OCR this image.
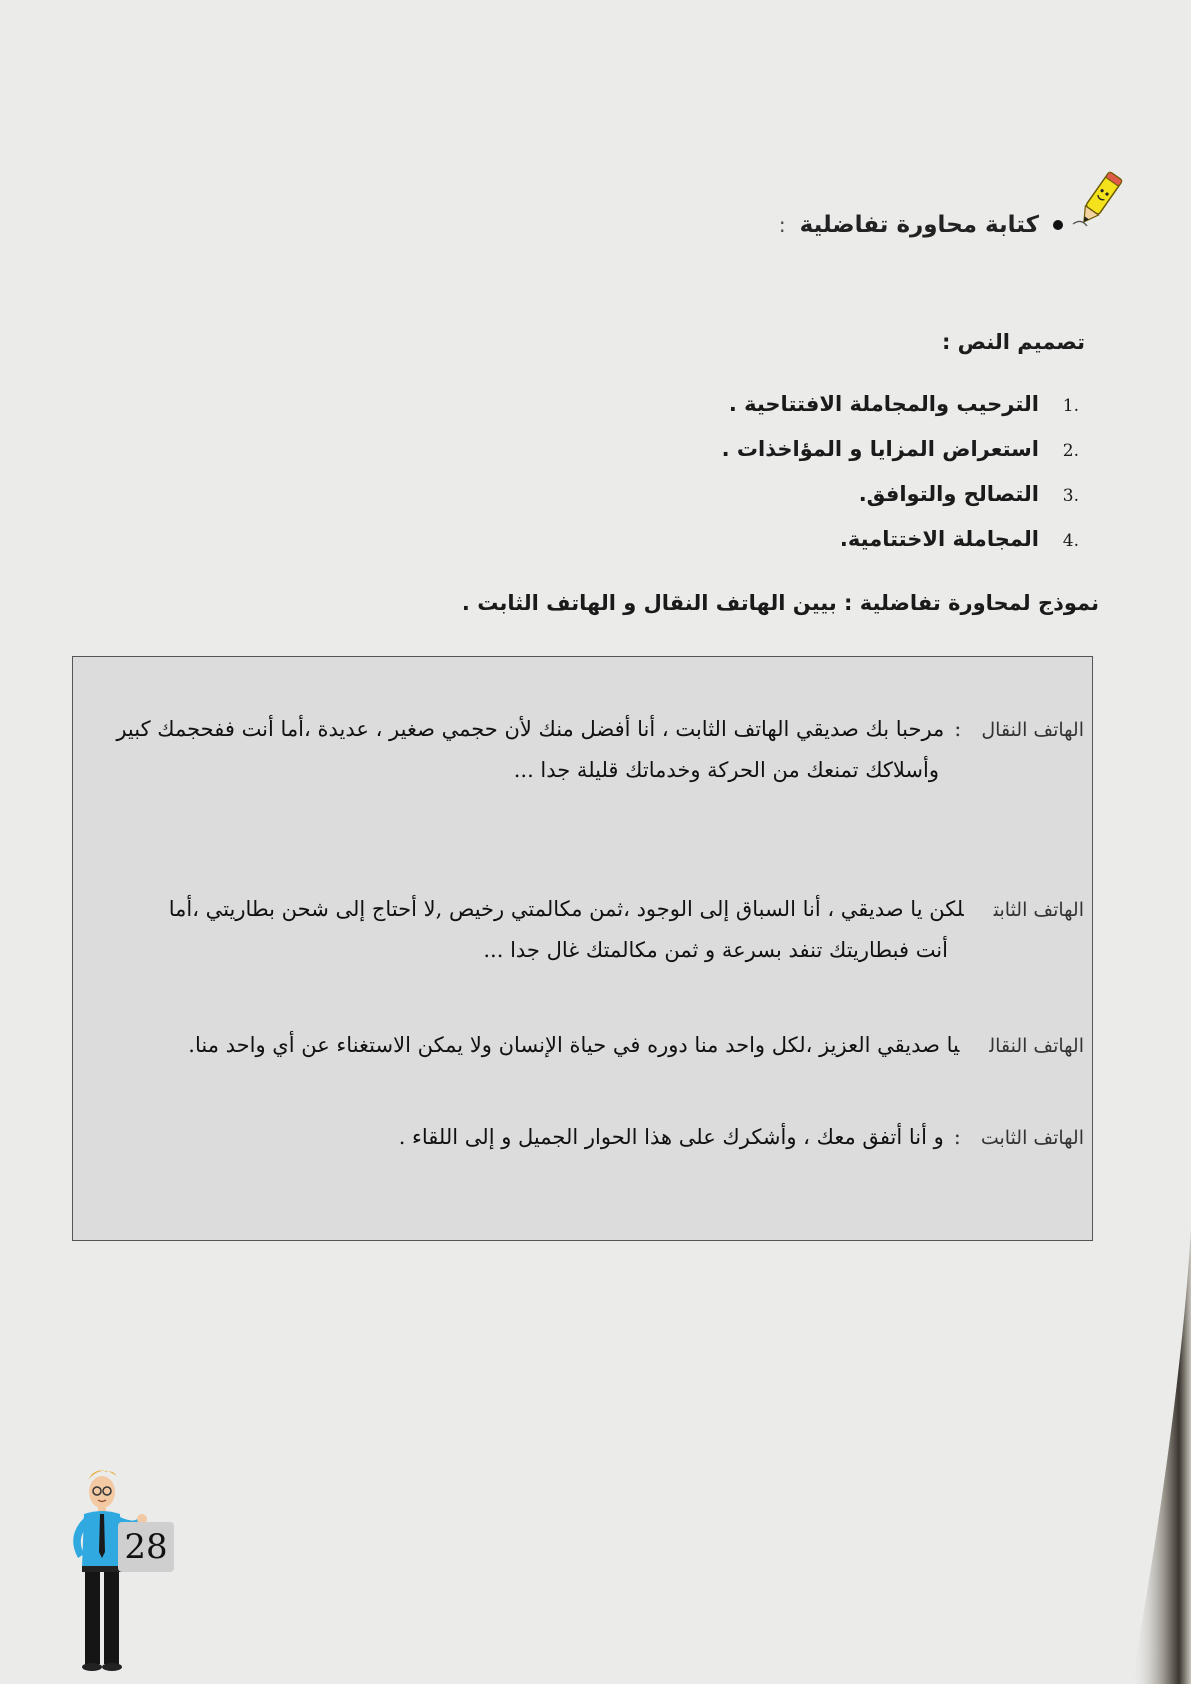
كتابة محاورة تفاضلية
:
تصميم النص :
.1
الترحيب والمجاملة الافتتاحية .
.2
استعراض المزايا و المؤاخذات .
.3
التصالح والتوافق.
.4
المجاملة الاختتامية.
نموذج لمحاورة تفاضلية : بيين الهاتف النقال و الهاتف الثابت .
الهاتف النقال:مرحبا بك صديقي الهاتف الثابت ، أنا أفضل منك لأن حجمي صغير ، عديدة ،أما أنت ففحجمك كبير
وأسلاكك تمنعك من الحركة وخدماتك قليلة جدا ...
الهاتف الثابتلكن يا صديقي ، أنا السباق إلى الوجود ،ثمن مكالمتي رخيص ,لا أحتاج إلى شحن بطاريتي ،أما
أنت فبطاريتك تنفد بسرعة و ثمن مكالمتك غال جدا ...
الهاتف النقاليا صديقي العزيز ،لكل واحد منا دوره في حياة الإنسان ولا يمكن الاستغناء عن أي واحد منا.
الهاتف الثابت:و أنا أتفق معك ، وأشكرك على هذا الحوار الجميل و إلى اللقاء .
28
